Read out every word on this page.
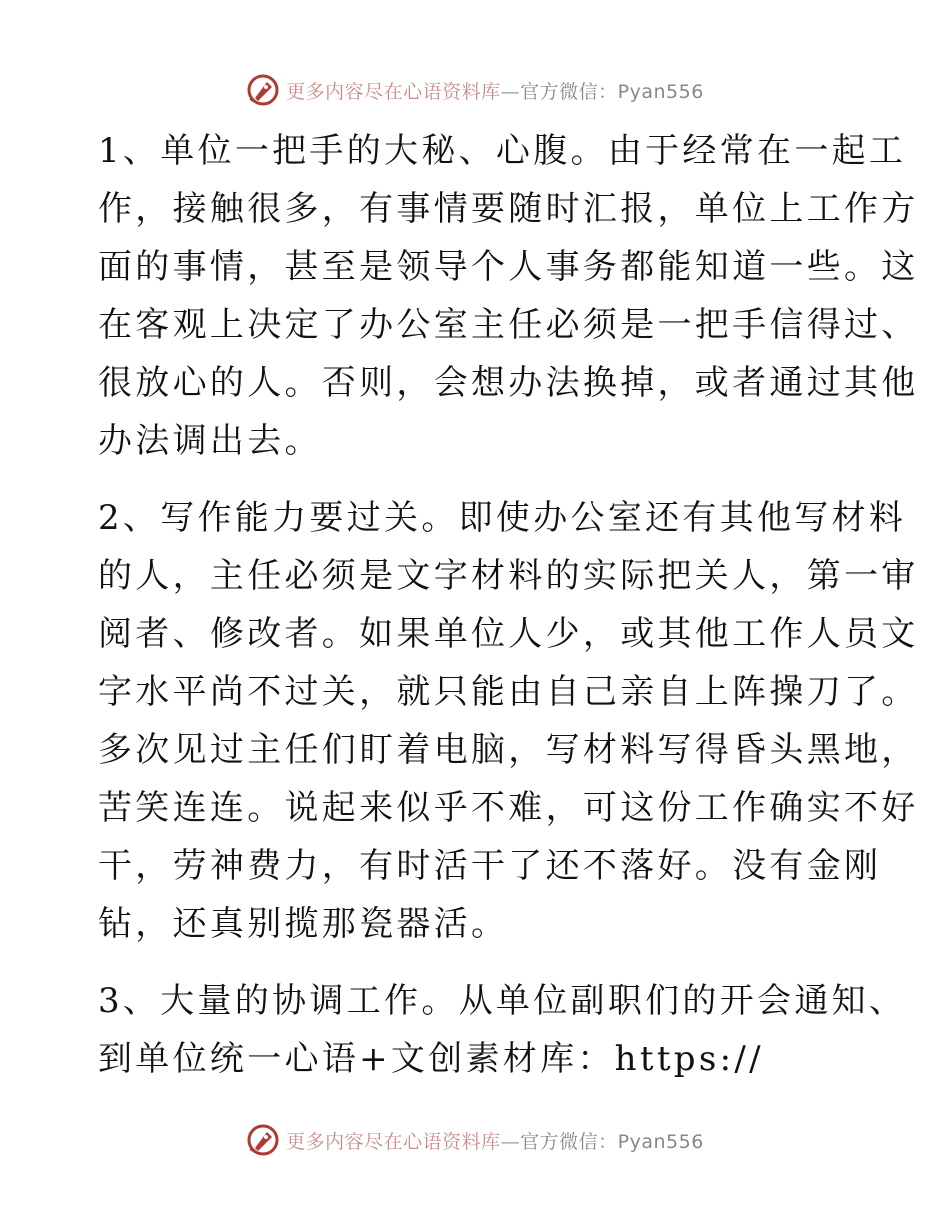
更多内容尽在心语资料库—官方微信：Pyan556
1、单位一把手的大秘、心腹。由于经常在一起工
作，接触很多，有事情要随时汇报，单位上工作方
面的事情，甚至是领导个人事务都能知道一些。这
在客观上决定了办公室主任必须是一把手信得过、
很放心的人。否则，会想办法换掉，或者通过其他
办法调出去。
2、写作能力要过关。即使办公室还有其他写材料
的人，主任必须是文字材料的实际把关人，第一审
阅者、修改者。如果单位人少，或其他工作人员文
字水平尚不过关，就只能由自己亲自上阵操刀了。
多次见过主任们盯着电脑，写材料写得昏头黑地，
苦笑连连。说起来似乎不难，可这份工作确实不好
干，劳神费力，有时活干了还不落好。没有金刚
钻，还真别揽那瓷器活。
3、大量的协调工作。从单位副职们的开会通知、
到单位统一心语+文创素材库：https://
更多内容尽在心语资料库—官方微信：Pyan556
